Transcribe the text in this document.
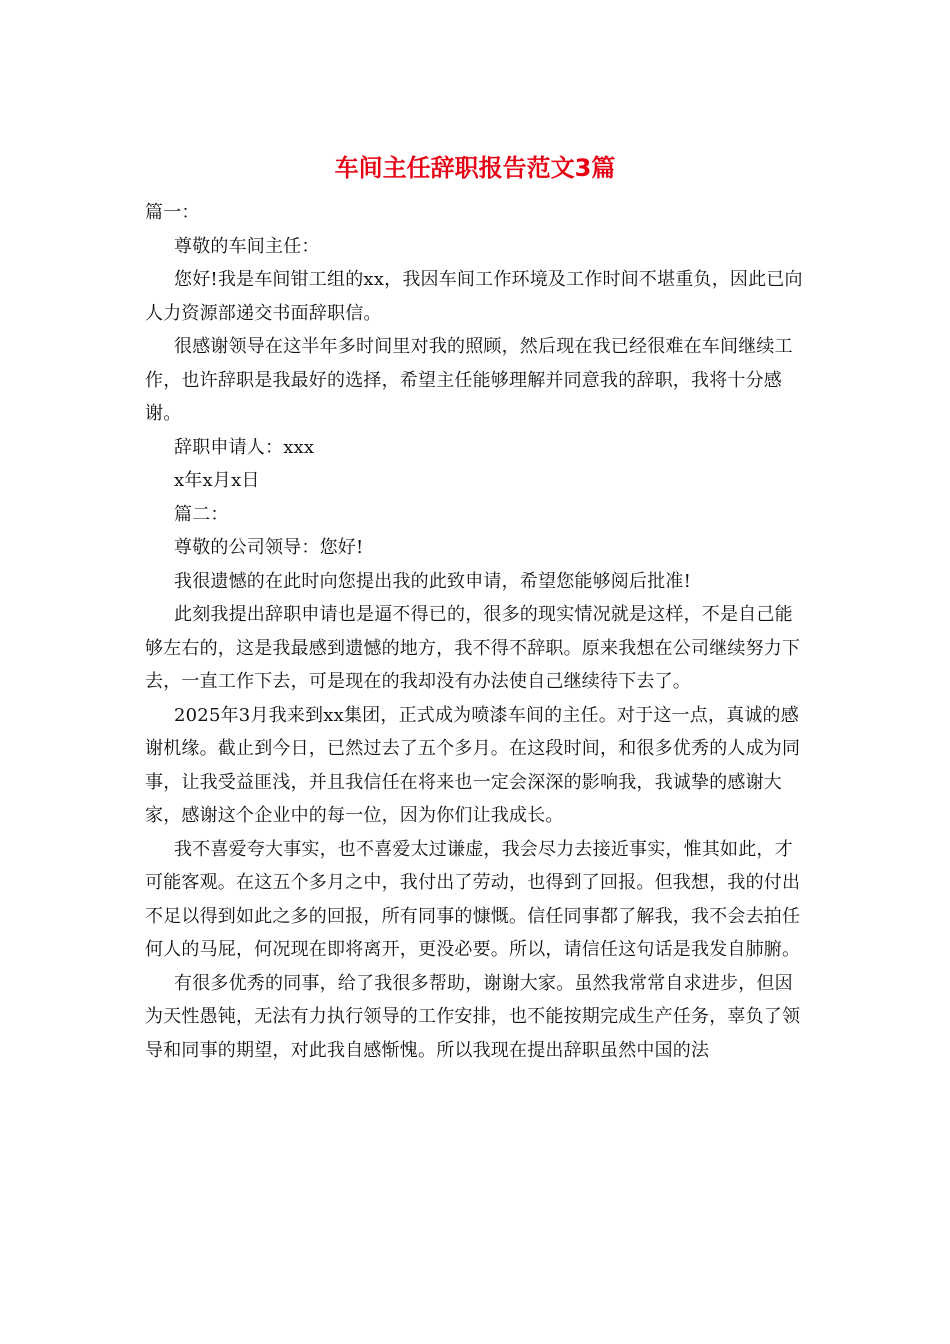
车间主任辞职报告范文3篇

篇一：

尊敬的车间主任：

您好!我是车间钳工组的xx，我因车间工作环境及工作时间不堪重负，因此已向人力资源部递交书面辞职信。

很感谢领导在这半年多时间里对我的照顾，然后现在我已经很难在车间继续工作，也许辞职是我最好的选择，希望主任能够理解并同意我的辞职，我将十分感谢。

辞职申请人：xxx

x年x月x日

篇二：

尊敬的公司领导：您好!

我很遗憾的在此时向您提出我的此致申请，希望您能够阅后批准!

此刻我提出辞职申请也是逼不得已的，很多的现实情况就是这样，不是自己能够左右的，这是我最感到遗憾的地方，我不得不辞职。原来我想在公司继续努力下去，一直工作下去，可是现在的我却没有办法使自己继续待下去了。

2025年3月我来到xx集团，正式成为喷漆车间的主任。对于这一点，真诚的感谢机缘。截止到今日，已然过去了五个多月。在这段时间，和很多优秀的人成为同事，让我受益匪浅，并且我信任在将来也一定会深深的影响我，我诚挚的感谢大家，感谢这个企业中的每一位，因为你们让我成长。

我不喜爱夸大事实，也不喜爱太过谦虚，我会尽力去接近事实，惟其如此，才可能客观。在这五个多月之中，我付出了劳动，也得到了回报。但我想，我的付出不足以得到如此之多的回报，所有同事的慷慨。信任同事都了解我，我不会去拍任何人的马屁，何况现在即将离开，更没必要。所以，请信任这句话是我发自肺腑。

有很多优秀的同事，给了我很多帮助，谢谢大家。虽然我常常自求进步，但因为天性愚钝，无法有力执行领导的工作安排，也不能按期完成生产任务，辜负了领导和同事的期望，对此我自感惭愧。所以我现在提出辞职虽然中国的法
